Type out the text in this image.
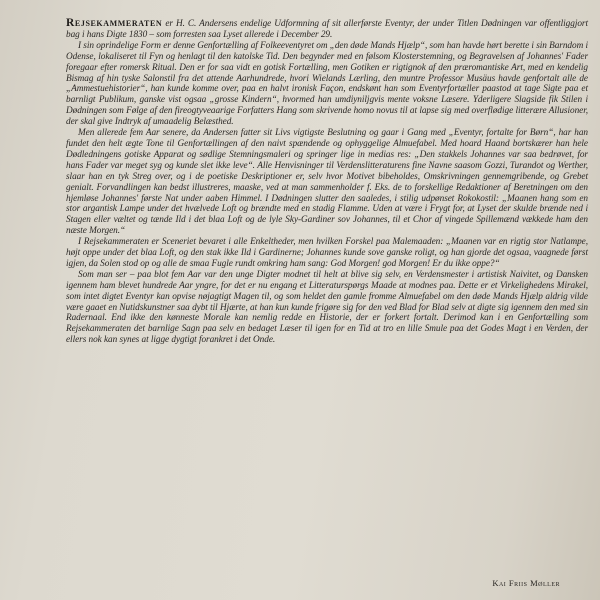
Rejsekammeraten er H. C. Andersens endelige Udformning af sit allerførste Eventyr, der under Titlen Dødningen var offentliggjort bag i hans Digte 1830 – som forresten saa Lyset allerede i December 29.

I sin oprindelige Form er denne Genfortælling af Folkeeventyret om „den døde Mands Hjælp“, som han havde hørt berette i sin Barndom i Odense, lokaliseret til Fyn og henlagt til den katolske Tid. Den begynder med en følsom Klosterstemning, og Begravelsen af Johannes' Fader foregaar efter romersk Ritual. Den er for saa vidt en gotisk Fortælling, men Gotiken er rigtignok af den præromantiske Art, med en kendelig Bismag af hin tyske Salonstil fra det attende Aarhundrede, hvori Wielands Lærling, den muntre Professor Musäus havde genfortalt alle de „Ammestuehistorier“, han kunde komme over, paa en halvt ironisk Façon, endskønt han som Eventyrfortæller paastod at tage Sigte paa et barnligt Publikum, ganske vist ogsaa „grosse Kindern“, hvormed han umdiyniljgvis mente voksne Læsere. Yderligere Slagside fik Stilen i Dødningen som Følge af den fireogtyveaarige Forfatters Hang som skrivende homo novus til at lapse sig med overflødige litterære Allusioner, der skal give Indtryk af umaadelig Belæsthed.

Men allerede fem Aar senere, da Andersen fatter sit Livs vigtigste Beslutning og gaar i Gang med „Eventyr, fortalte for Børn“, har han fundet den helt ægte Tone til Genfortællingen af den naivt spændende og ophyggelige Almuefabel. Med hoard Haand bortskærer han hele Dødledningens gotiske Apparat og sødlige Stemningsmaleri og springer lige in medias res: „Den stakkels Johannes var saa bedrøvet, for hans Fader var meget syg og kunde slet ikke leve“. Alle Henvisninger til Verdenslitteraturens fine Navne saasom Gozzi, Turandot og Werther, slaar han en tyk Streg over, og i de poetiske Deskriptioner er, selv hvor Motivet bibeholdes, Omskrivningen gennemgribende, og Grebet genialt. Forvandlingen kan bedst illustreres, maaske, ved at man sammenholder f. Eks. de to forskellige Redaktioner af Beretningen om den hjemløse Johannes' første Nat under aaben Himmel. I Dødningen slutter den saaledes, i stilig udpønset Rokokostil: „Maanen hang som en stor argantisk Lampe under det hvælvede Loft og brændte med en stadig Flamme. Uden at være i Frygt for, at Lyset der skulde brænde ned i Stagen eller væltet og tænde Ild i det blaa Loft og de lyle Sky-Gardiner sov Johannes, til et Chor af vingede Spillemænd vækkede ham den næste Morgen.“

I Rejsekammeraten er Sceneriet bevaret i alle Enkeltheder, men hvilken Forskel paa Malemaaden: „Maanen var en rigtig stor Natlampe, højt oppe under det blaa Loft, og den stak ikke Ild i Gardinerne; Johannes kunde sove ganske roligt, og han gjorde det ogsaa, vaagnede først igjen, da Solen stod op og alle de smaa Fugle rundt omkring ham sang: God Morgen! god Morgen! Er du ikke oppe?“

Som man ser – paa blot fem Aar var den unge Digter modnet til helt at blive sig selv, en Verdensmester i artistisk Naivitet, og Dansken igennem ham blevet hundrede Aar yngre, for det er nu engang et Litteraturspørgs Maade at modnes paa. Dette er et Virkelighedens Mirakel, som intet digtet Eventyr kan opvise nøjagtigt Magen til, og som heldet den gamle fromme Almuefabel om den døde Mands Hjælp aldrig vilde være gaaet en Nutidskunstner saa dybt til Hjærte, at han kun kunde frigøre sig for den ved Blad for Blad selv at digte sig igennem den med sin Radernaal. End ikke den kønneste Morale kan nemlig redde en Historie, der er forkert fortalt. Derimod kan i en Genfortælling som Rejsekammeraten det barnlige Sagn paa selv en bedaget Læser til igen for en Tid at tro en lille Smule paa det Godes Magt i en Verden, der ellers nok kan synes at ligge dygtigt forankret i det Onde.

Kai Friis Møller
